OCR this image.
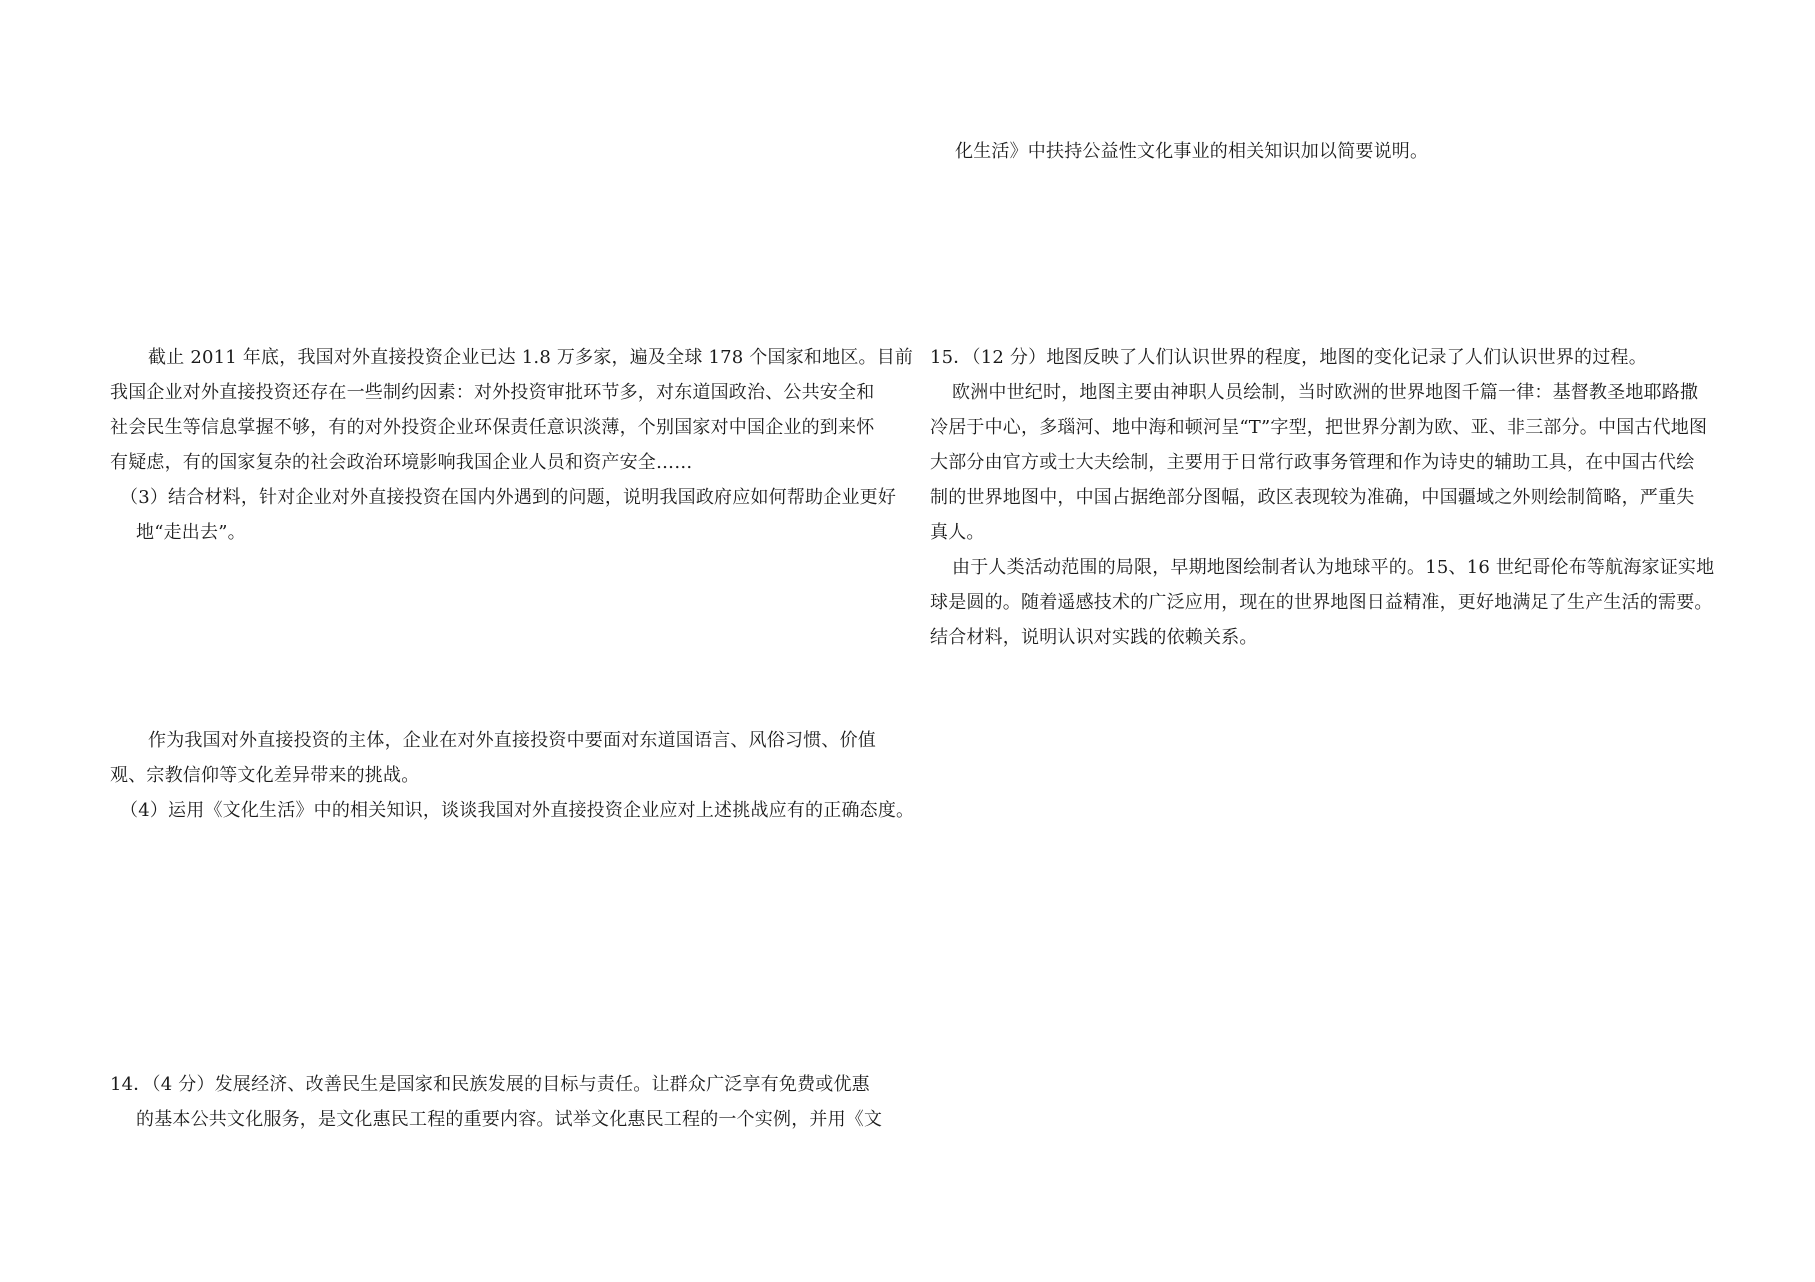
化生活》中扶持公益性文化事业的相关知识加以简要说明。
15．（12 分）地图反映了人们认识世界的程度，地图的变化记录了人们认识世界的过程。
欧洲中世纪时，地图主要由神职人员绘制，当时欧洲的世界地图千篇一律：基督教圣地耶路撒
冷居于中心，多瑙河、地中海和顿河呈“T”字型，把世界分割为欧、亚、非三部分。中国古代地图
大部分由官方或士大夫绘制，主要用于日常行政事务管理和作为诗史的辅助工具，在中国古代绘
制的世界地图中，中国占据绝部分图幅，政区表现较为准确，中国疆域之外则绘制简略，严重失
真人。
由于人类活动范围的局限，早期地图绘制者认为地球平的。15、16 世纪哥伦布等航海家证实地
球是圆的。随着遥感技术的广泛应用，现在的世界地图日益精准，更好地满足了生产生活的需要。
结合材料，说明认识对实践的依赖关系。
截止 2011 年底，我国对外直接投资企业已达 1.8 万多家，遍及全球 178 个国家和地区。目前
我国企业对外直接投资还存在一些制约因素：对外投资审批环节多，对东道国政治、公共安全和
社会民生等信息掌握不够，有的对外投资企业环保责任意识淡薄，个别国家对中国企业的到来怀
有疑虑，有的国家复杂的社会政治环境影响我国企业人员和资产安全……
（3）结合材料，针对企业对外直接投资在国内外遇到的问题，说明我国政府应如何帮助企业更好
地“走出去”。
作为我国对外直接投资的主体，企业在对外直接投资中要面对东道国语言、风俗习惯、价值
观、宗教信仰等文化差异带来的挑战。
（4）运用《文化生活》中的相关知识，谈谈我国对外直接投资企业应对上述挑战应有的正确态度。
14．（4 分）发展经济、改善民生是国家和民族发展的目标与责任。让群众广泛享有免费或优惠
的基本公共文化服务，是文化惠民工程的重要内容。试举文化惠民工程的一个实例，并用《文
